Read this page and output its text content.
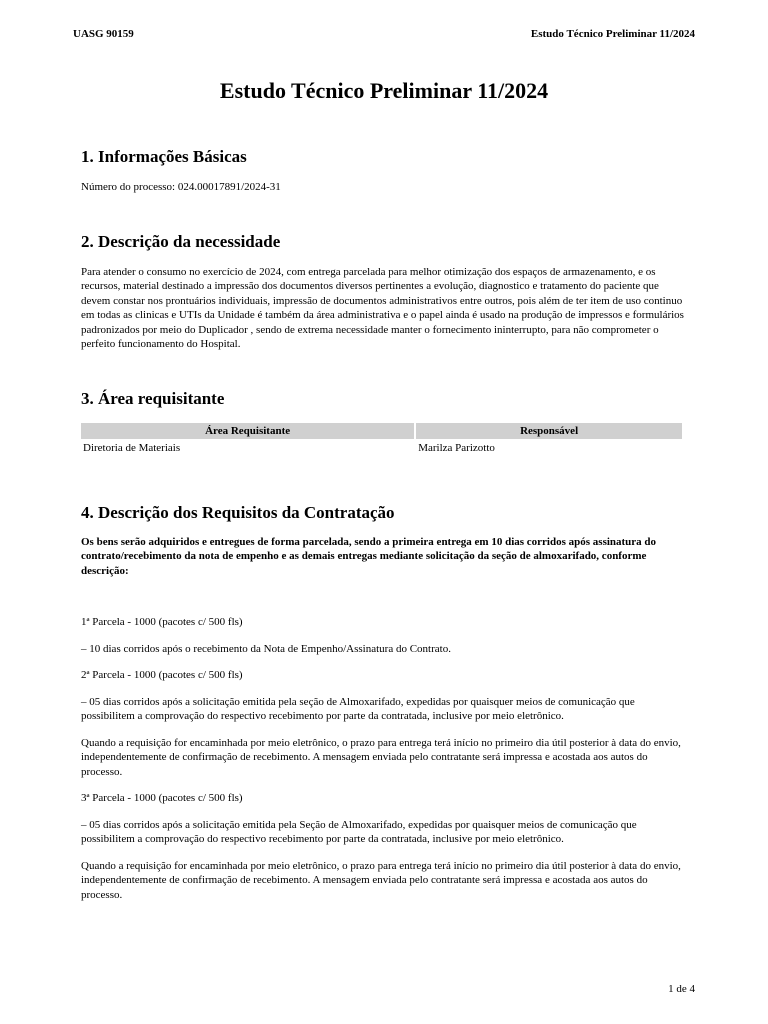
UASG 90159	Estudo Técnico Preliminar 11/2024
Estudo Técnico Preliminar 11/2024
1. Informações Básicas

Número do processo: 024.00017891/2024-31

2. Descrição da necessidade

Para atender o consumo no exercício de 2024, com entrega parcelada para melhor otimização dos espaços de armazenamento, e os recursos, material destinado a impressão dos documentos diversos pertinentes a evolução, diagnostico e tratamento do paciente que devem constar nos prontuários individuais, impressão de documentos administrativos entre outros, pois além de ter item de uso continuo em todas as clinicas e UTIs da Unidade é também da área administrativa e o papel ainda é usado na produção de impressos e formulários padronizados por meio do Duplicador , sendo de extrema necessidade manter o fornecimento ininterrupto, para não comprometer o perfeito funcionamento do Hospital.

3. Área requisitante
Área Requisitante	Responsável
Diretoria de Materiais	Marilza Parizotto
4. Descrição dos Requisitos da Contratação

Os bens serão adquiridos e entregues de forma parcelada, sendo a primeira entrega em 10 dias corridos após assinatura do contrato/recebimento da nota de empenho e as demais entregas mediante solicitação da seção de almoxarifado, conforme descrição:

1ª Parcela - 1000 (pacotes c/ 500 fls)

– 10 dias corridos após o recebimento da Nota de Empenho/Assinatura do Contrato.

2ª Parcela - 1000 (pacotes c/ 500 fls)

– 05 dias corridos após a solicitação emitida pela seção de Almoxarifado, expedidas por quaisquer meios de comunicação que possibilitem a comprovação do respectivo recebimento por parte da contratada, inclusive por meio eletrônico.

Quando a requisição for encaminhada por meio eletrônico, o prazo para entrega terá início no primeiro dia útil posterior à data do envio, independentemente de confirmação de recebimento. A mensagem enviada pelo contratante será impressa e acostada aos autos do processo.

3ª Parcela - 1000 (pacotes c/ 500 fls)

– 05 dias corridos após a solicitação emitida pela Seção de Almoxarifado, expedidas por quaisquer meios de comunicação que possibilitem a comprovação do respectivo recebimento por parte da contratada, inclusive por meio eletrônico.

Quando a requisição for encaminhada por meio eletrônico, o prazo para entrega terá início no primeiro dia útil posterior à data do envio, independentemente de confirmação de recebimento. A mensagem enviada pelo contratante será impressa e acostada aos autos do processo.

1 de 4
